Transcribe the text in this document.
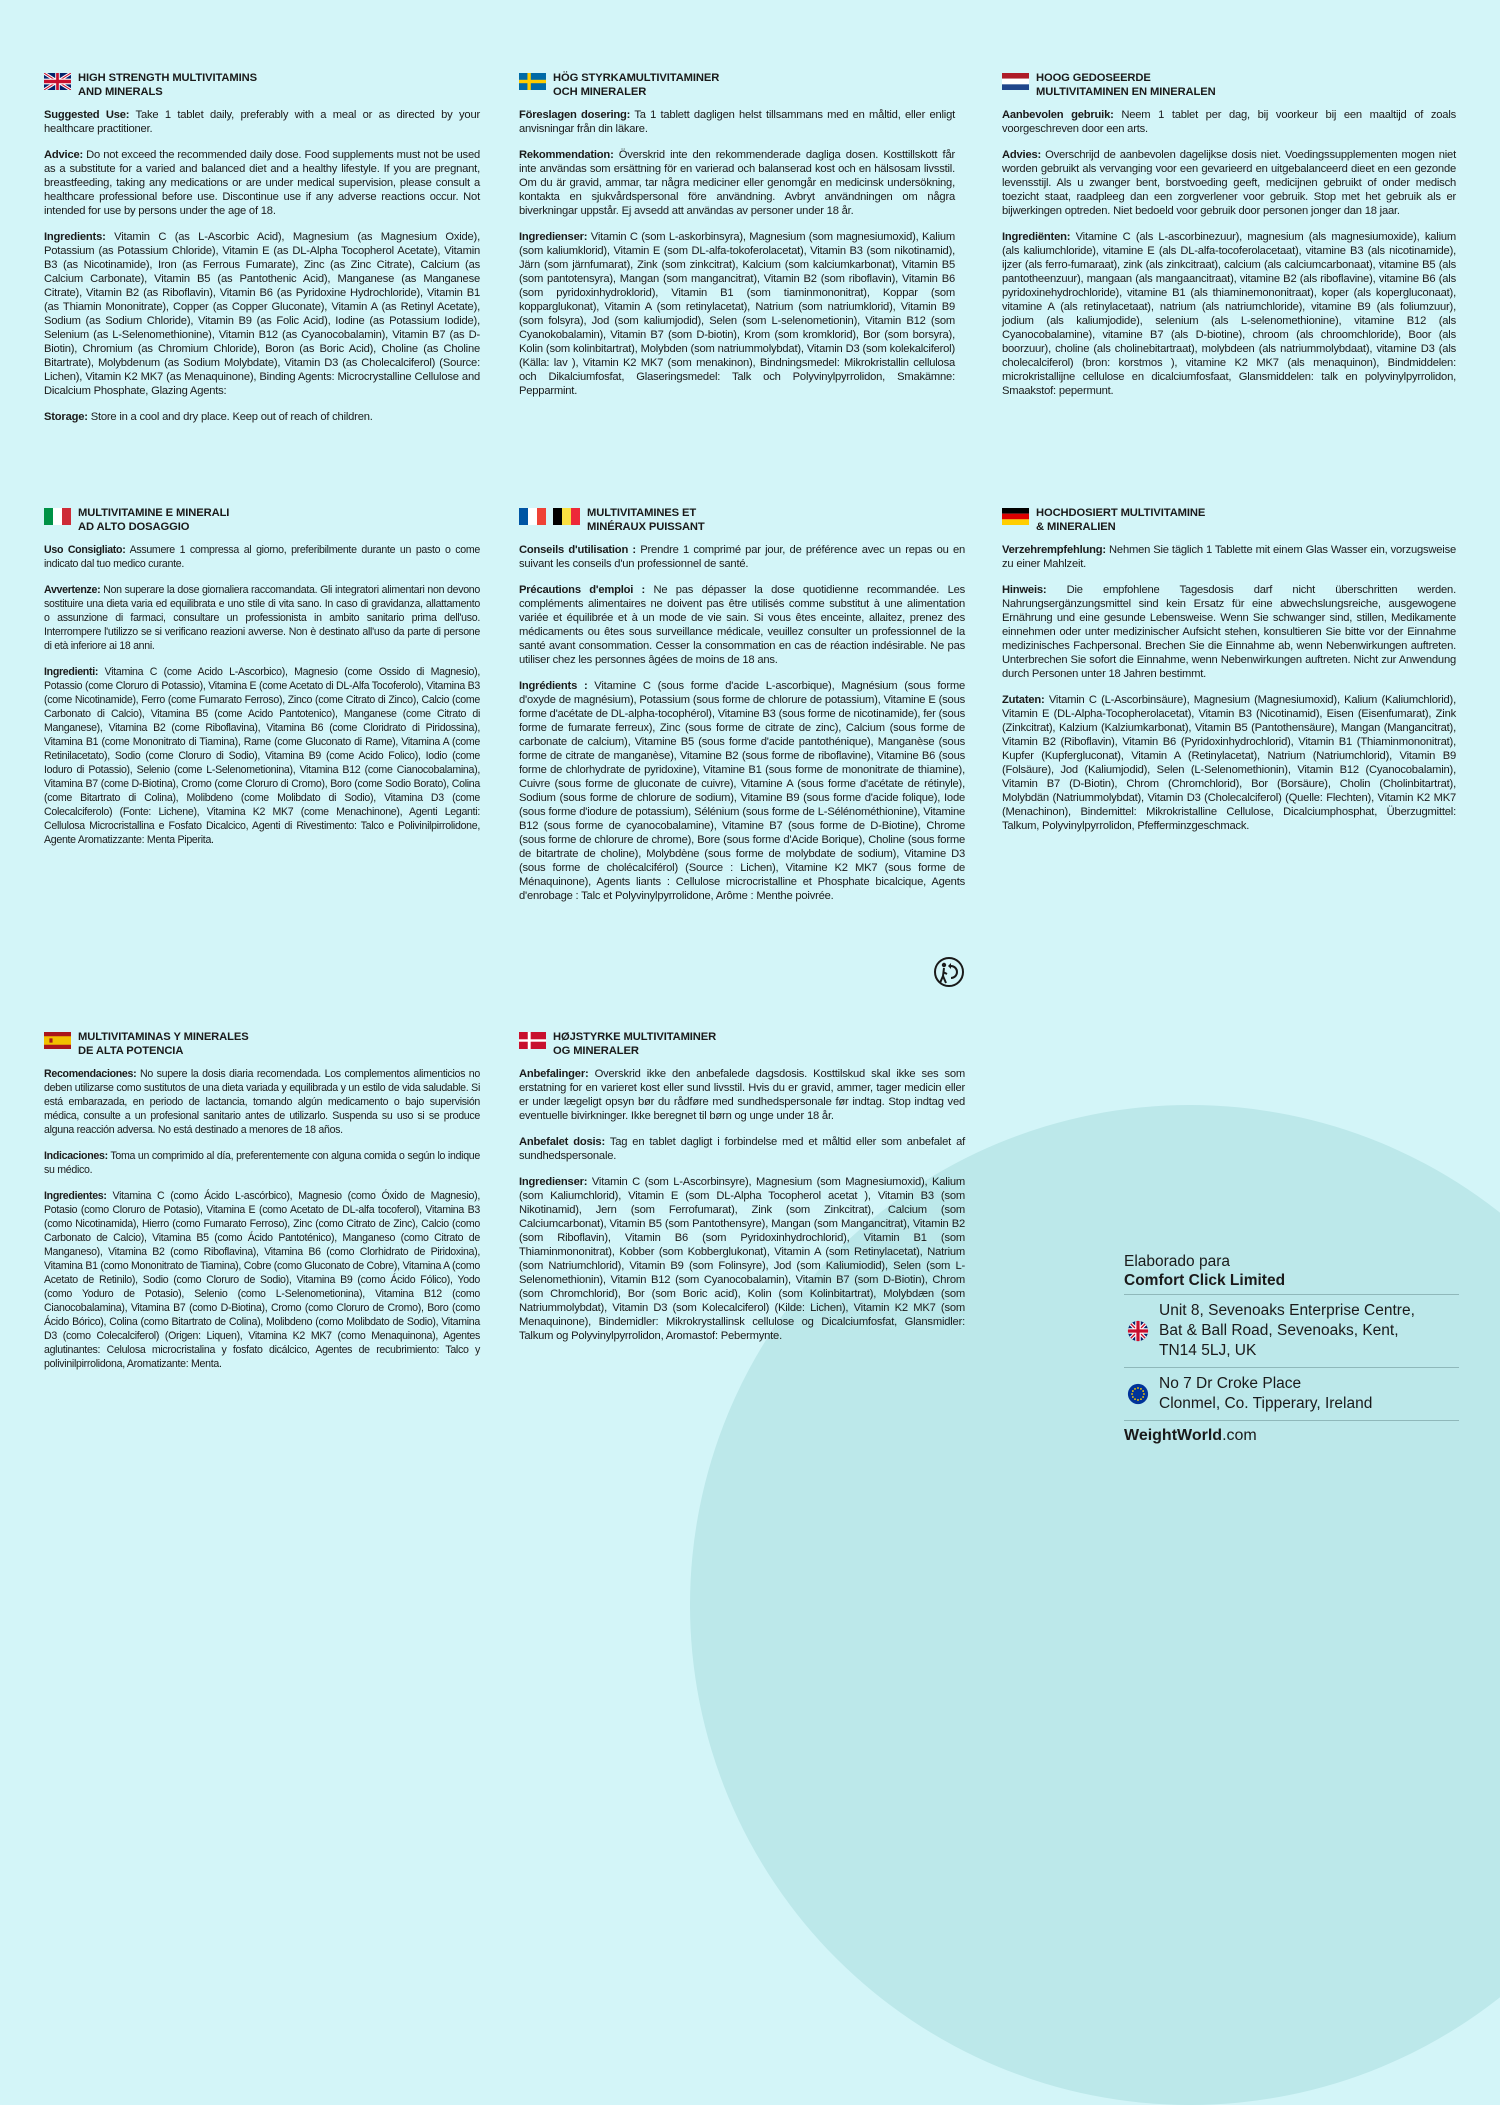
HIGH STRENGTH MULTIVITAMINS
AND MINERALS

Suggested Use: Take 1 tablet daily, preferably with a meal or as directed by your healthcare practitioner.

Advice: Do not exceed the recommended daily dose. Food supplements must not be used as a substitute for a varied and balanced diet and a healthy lifestyle. If you are pregnant, breastfeeding, taking any medications or are under medical supervision, please consult a healthcare professional before use. Discontinue use if any adverse reactions occur. Not intended for use by persons under the age of 18.

Ingredients: Vitamin C (as L-Ascorbic Acid), Magnesium (as Magnesium Oxide), Potassium (as Potassium Chloride), Vitamin E (as DL-Alpha Tocopherol Acetate), Vitamin B3 (as Nicotinamide), Iron (as Ferrous Fumarate), Zinc (as Zinc Citrate), Calcium (as Calcium Carbonate), Vitamin B5 (as Pantothenic Acid), Manganese (as Manganese Citrate), Vitamin B2 (as Riboflavin), Vitamin B6 (as Pyridoxine Hydrochloride), Vitamin B1 (as Thiamin Mononitrate), Copper (as Copper Gluconate), Vitamin A (as Retinyl Acetate), Sodium (as Sodium Chloride), Vitamin B9 (as Folic Acid), Iodine (as Potassium Iodide), Selenium (as L-Selenomethionine), Vitamin B12 (as Cyanocobalamin), Vitamin B7 (as D-Biotin), Chromium (as Chromium Chloride), Boron (as Boric Acid), Choline (as Choline Bitartrate), Molybdenum (as Sodium Molybdate), Vitamin D3 (as Cholecalciferol) (Source: Lichen), Vitamin K2 MK7 (as Menaquinone), Binding Agents: Microcrystalline Cellulose and Dicalcium Phosphate, Glazing Agents:

Storage: Store in a cool and dry place. Keep out of reach of children.

HÖG STYRKAMULTIVITAMINER
OCH MINERALER

Föreslagen dosering: Ta 1 tablett dagligen helst tillsammans med en måltid, eller enligt anvisningar från din läkare.

Rekommendation: Överskrid inte den rekommenderade dagliga dosen. Kosttillskott får inte användas som ersättning för en varierad och balanserad kost och en hälsosam livsstil. Om du är gravid, ammar, tar några mediciner eller genomgår en medicinsk undersökning, kontakta en sjukvårdspersonal före användning. Avbryt användningen om några biverkningar uppstår. Ej avsedd att användas av personer under 18 år.

Ingredienser: Vitamin C (som L-askorbinsyra), Magnesium (som magnesiumoxid), Kalium (som kaliumklorid), Vitamin E (som DL-alfa-tokoferolacetat), Vitamin B3 (som nikotinamid), Järn (som järnfumarat), Zink (som zinkcitrat), Kalcium (som kalciumkarbonat), Vitamin B5 (som pantotensyra), Mangan (som mangancitrat), Vitamin B2 (som riboflavin), Vitamin B6 (som pyridoxinhydroklorid), Vitamin B1 (som tiaminmononitrat), Koppar (som kopparglukonat), Vitamin A (som retinylacetat), Natrium (som natriumklorid), Vitamin B9 (som folsyra), Jod (som kaliumjodid), Selen (som L-selenometionin), Vitamin B12 (som Cyanokobalamin), Vitamin B7 (som D-biotin), Krom (som kromklorid), Bor (som borsyra), Kolin (som kolinbitartrat), Molybden (som natriummolybdat), Vitamin D3 (som kolekalciferol) (Källa: lav ), Vitamin K2 MK7 (som menakinon), Bindningsmedel: Mikrokristallin cellulosa och Dikalciumfosfat, Glaseringsmedel: Talk och Polyvinylpyrrolidon, Smakämne: Pepparmint.

HOOG GEDOSEERDE
MULTIVITAMINEN EN MINERALEN

Aanbevolen gebruik: Neem 1 tablet per dag, bij voorkeur bij een maaltijd of zoals voorgeschreven door een arts.

Advies: Overschrijd de aanbevolen dagelijkse dosis niet. Voedingssupplementen mogen niet worden gebruikt als vervanging voor een gevarieerd en uitgebalanceerd dieet en een gezonde levensstijl. Als u zwanger bent, borstvoeding geeft, medicijnen gebruikt of onder medisch toezicht staat, raadpleeg dan een zorgverlener voor gebruik. Stop met het gebruik als er bijwerkingen optreden. Niet bedoeld voor gebruik door personen jonger dan 18 jaar.

Ingrediënten: Vitamine C (als L-ascorbinezuur), magnesium (als magnesiumoxide), kalium (als kaliumchloride), vitamine E (als DL-alfa-tocoferolacetaat), vitamine B3 (als nicotinamide), ijzer (als ferro-fumaraat), zink (als zinkcitraat), calcium (als calciumcarbonaat), vitamine B5 (als pantotheenzuur), mangaan (als mangaancitraat), vitamine B2 (als riboflavine), vitamine B6 (als pyridoxinehydrochloride), vitamine B1 (als thiaminemononitraat), koper (als kopergluconaat), vitamine A (als retinylacetaat), natrium (als natriumchloride), vitamine B9 (als foliumzuur), jodium (als kaliumjodide), selenium (als L-selenomethionine), vitamine B12 (als Cyanocobalamine), vitamine B7 (als D-biotine), chroom (als chroomchloride), Boor (als boorzuur), choline (als cholinebitartraat), molybdeen (als natriummolybdaat), vitamine D3 (als cholecalciferol) (bron: korstmos ), vitamine K2 MK7 (als menaquinon), Bindmiddelen: microkristallijne cellulose en dicalciumfosfaat, Glansmiddelen: talk en polyvinylpyrrolidon, Smaakstof: pepermunt.

MULTIVITAMINE E MINERALI
AD ALTO DOSAGGIO

Uso Consigliato: Assumere 1 compressa al giorno, preferibilmente durante un pasto o come indicato dal tuo medico curante.

Avvertenze: Non superare la dose giornaliera raccomandata. Gli integratori alimentari non devono sostituire una dieta varia ed equilibrata e uno stile di vita sano. In caso di gravidanza, allattamento o assunzione di farmaci, consultare un professionista in ambito sanitario prima dell'uso. Interrompere l'utilizzo se si verificano reazioni avverse. Non è destinato all'uso da parte di persone di età inferiore ai 18 anni.

Ingredienti: Vitamina C (come Acido L-Ascorbico), Magnesio (come Ossido di Magnesio), Potassio (come Cloruro di Potassio), Vitamina E (come Acetato di DL-Alfa Tocoferolo), Vitamina B3 (come Nicotinamide), Ferro (come Fumarato Ferroso), Zinco (come Citrato di Zinco), Calcio (come Carbonato di Calcio), Vitamina B5 (come Acido Pantotenico), Manganese (come Citrato di Manganese), Vitamina B2 (come Riboflavina), Vitamina B6 (come Cloridrato di Piridossina), Vitamina B1 (come Mononitrato di Tiamina), Rame (come Gluconato di Rame), Vitamina A (come Retinilacetato), Sodio (come Cloruro di Sodio), Vitamina B9 (come Acido Folico), Iodio (come Ioduro di Potassio), Selenio (come L-Selenometionina), Vitamina B12 (come Cianocobalamina), Vitamina B7 (come D-Biotina), Cromo (come Cloruro di Cromo), Boro (come Sodio Borato), Colina (come Bitartrato di Colina), Molibdeno (come Molibdato di Sodio), Vitamina D3 (come Colecalciferolo) (Fonte: Lichene), Vitamina K2 MK7 (come Menachinone), Agenti Leganti: Cellulosa Microcristallina e Fosfato Dicalcico, Agenti di Rivestimento: Talco e Polivinilpirrolidone, Agente Aromatizzante: Menta Piperita.

MULTIVITAMINES ET
MINÉRAUX PUISSANT

Conseils d'utilisation : Prendre 1 comprimé par jour, de préférence avec un repas ou en suivant les conseils d'un professionnel de santé.

Précautions d'emploi : Ne pas dépasser la dose quotidienne recommandée. Les compléments alimentaires ne doivent pas être utilisés comme substitut à une alimentation variée et équilibrée et à un mode de vie sain. Si vous êtes enceinte, allaitez, prenez des médicaments ou êtes sous surveillance médicale, veuillez consulter un professionnel de la santé avant consommation. Cesser la consommation en cas de réaction indésirable. Ne pas utiliser chez les personnes âgées de moins de 18 ans.

Ingrédients : Vitamine C (sous forme d'acide L-ascorbique), Magnésium (sous forme d'oxyde de magnésium), Potassium (sous forme de chlorure de potassium), Vitamine E (sous forme d'acétate de DL-alpha-tocophérol), Vitamine B3 (sous forme de nicotinamide), fer (sous forme de fumarate ferreux), Zinc (sous forme de citrate de zinc), Calcium (sous forme de carbonate de calcium), Vitamine B5 (sous forme d'acide pantothénique), Manganèse (sous forme de citrate de manganèse), Vitamine B2 (sous forme de riboflavine), Vitamine B6 (sous forme de chlorhydrate de pyridoxine), Vitamine B1 (sous forme de mononitrate de thiamine), Cuivre (sous forme de gluconate de cuivre), Vitamine A (sous forme d'acétate de rétinyle), Sodium (sous forme de chlorure de sodium), Vitamine B9 (sous forme d'acide folique), Iode (sous forme d'iodure de potassium), Sélénium (sous forme de L-Sélénométhionine), Vitamine B12 (sous forme de cyanocobalamine), Vitamine B7 (sous forme de D-Biotine), Chrome (sous forme de chlorure de chrome), Bore (sous forme d'Acide Borique), Choline (sous forme de bitartrate de choline), Molybdène (sous forme de molybdate de sodium), Vitamine D3 (sous forme de cholécalciférol) (Source : Lichen), Vitamine K2 MK7 (sous forme de Ménaquinone), Agents liants : Cellulose microcristalline et Phosphate bicalcique, Agents d'enrobage : Talc et Polyvinylpyrrolidone, Arôme : Menthe poivrée.

HOCHDOSIERT MULTIVITAMINE
& MINERALIEN

Verzehrempfehlung: Nehmen Sie täglich 1 Tablette mit einem Glas Wasser ein, vorzugsweise zu einer Mahlzeit.

Hinweis: Die empfohlene Tagesdosis darf nicht überschritten werden. Nahrungsergänzungsmittel sind kein Ersatz für eine abwechslungsreiche, ausgewogene Ernährung und eine gesunde Lebensweise. Wenn Sie schwanger sind, stillen, Medikamente einnehmen oder unter medizinischer Aufsicht stehen, konsultieren Sie bitte vor der Einnahme medizinisches Fachpersonal. Brechen Sie die Einnahme ab, wenn Nebenwirkungen auftreten. Unterbrechen Sie sofort die Einnahme, wenn Nebenwirkungen auftreten. Nicht zur Anwendung durch Personen unter 18 Jahren bestimmt.

Zutaten: Vitamin C (L-Ascorbinsäure), Magnesium (Magnesiumoxid), Kalium (Kaliumchlorid), Vitamin E (DL-Alpha-Tocopherolacetat), Vitamin B3 (Nicotinamid), Eisen (Eisenfumarat), Zink (Zinkcitrat), Kalzium (Kalziumkarbonat), Vitamin B5 (Pantothensäure), Mangan (Mangancitrat), Vitamin B2 (Riboflavin), Vitamin B6 (Pyridoxinhydrochlorid), Vitamin B1 (Thiaminmononitrat), Kupfer (Kupfergluconat), Vitamin A (Retinylacetat), Natrium (Natriumchlorid), Vitamin B9 (Folsäure), Jod (Kaliumjodid), Selen (L-Selenomethionin), Vitamin B12 (Cyanocobalamin), Vitamin B7 (D-Biotin), Chrom (Chromchlorid), Bor (Borsäure), Cholin (Cholinbitartrat), Molybdän (Natriummolybdat), Vitamin D3 (Cholecalciferol) (Quelle: Flechten), Vitamin K2 MK7 (Menachinon), Bindemittel: Mikrokristalline Cellulose, Dicalciumphosphat, Überzugmittel: Talkum, Polyvinylpyrrolidon, Pfefferminzgeschmack.

MULTIVITAMINAS Y MINERALES
DE ALTA POTENCIA

Recomendaciones: No supere la dosis diaria recomendada. Los complementos alimenticios no deben utilizarse como sustitutos de una dieta variada y equilibrada y un estilo de vida saludable. Si está embarazada, en periodo de lactancia, tomando algún medicamento o bajo supervisión médica, consulte a un profesional sanitario antes de utilizarlo. Suspenda su uso si se produce alguna reacción adversa. No está destinado a menores de 18 años.

Indicaciones: Toma un comprimido al día, preferentemente con alguna comida o según lo indique su médico.

Ingredientes: Vitamina C (como Ácido L-ascórbico), Magnesio (como Óxido de Magnesio), Potasio (como Cloruro de Potasio), Vitamina E (como Acetato de DL-alfa tocoferol), Vitamina B3 (como Nicotinamida), Hierro (como Fumarato Ferroso), Zinc (como Citrato de Zinc), Calcio (como Carbonato de Calcio), Vitamina B5 (como Ácido Pantoténico), Manganeso (como Citrato de Manganeso), Vitamina B2 (como Riboflavina), Vitamina B6 (como Clorhidrato de Piridoxina), Vitamina B1 (como Mononitrato de Tiamina), Cobre (como Gluconato de Cobre), Vitamina A (como Acetato de Retinilo), Sodio (como Cloruro de Sodio), Vitamina B9 (como Ácido Fólico), Yodo (como Yoduro de Potasio), Selenio (como L-Selenometionina), Vitamina B12 (como Cianocobalamina), Vitamina B7 (como D-Biotina), Cromo (como Cloruro de Cromo), Boro (como Ácido Bórico), Colina (como Bitartrato de Colina), Molibdeno (como Molibdato de Sodio), Vitamina D3 (como Colecalciferol) (Origen: Liquen), Vitamina K2 MK7 (como Menaquinona), Agentes aglutinantes: Celulosa microcristalina y fosfato dicálcico, Agentes de recubrimiento: Talco y polivinilpirrolidona, Aromatizante: Menta.

HØJSTYRKE MULTIVITAMINER
OG MINERALER

Anbefalinger: Overskrid ikke den anbefalede dagsdosis. Kosttilskud skal ikke ses som erstatning for en varieret kost eller sund livsstil. Hvis du er gravid, ammer, tager medicin eller er under lægeligt opsyn bør du rådføre med sundhedspersonale før indtag. Stop indtag ved eventuelle bivirkninger. Ikke beregnet til børn og unge under 18 år.

Anbefalet dosis: Tag en tablet dagligt i forbindelse med et måltid eller som anbefalet af sundhedspersonale.

Ingredienser: Vitamin C (som L-Ascorbinsyre), Magnesium (som Magnesiumoxid), Kalium (som Kaliumchlorid), Vitamin E (som DL-Alpha Tocopherol acetat ), Vitamin B3 (som Nikotinamid), Jern (som Ferrofumarat), Zink (som Zinkcitrat), Calcium (som Calciumcarbonat), Vitamin B5 (som Pantothensyre), Mangan (som Mangancitrat), Vitamin B2 (som Riboflavin), Vitamin B6 (som Pyridoxinhydrochlorid), Vitamin B1 (som Thiaminmononitrat), Kobber (som Kobberglukonat), Vitamin A (som Retinylacetat), Natrium (som Natriumchlorid), Vitamin B9 (som Folinsyre), Jod (som Kaliumiodid), Selen (som L-Selenomethionin), Vitamin B12 (som Cyanocobalamin), Vitamin B7 (som D-Biotin), Chrom (som Chromchlorid), Bor (som Boric acid), Kolin (som Kolinbitartrat), Molybdæn (som Natriummolybdat), Vitamin D3 (som Kolecalciferol) (Kilde: Lichen), Vitamin K2 MK7 (som Menaquinone), Bindemidler: Mikrokrystallinsk cellulose og Dicalciumfosfat, Glansmidler: Talkum og Polyvinylpyrrolidon, Aromastof: Pebermynte.

Elaborado para
Comfort Click Limited
Unit 8, Sevenoaks Enterprise Centre,
Bat & Ball Road, Sevenoaks, Kent,
TN14 5LJ, UK
No 7 Dr Croke Place
Clonmel, Co. Tipperary, Ireland
WeightWorld.com
